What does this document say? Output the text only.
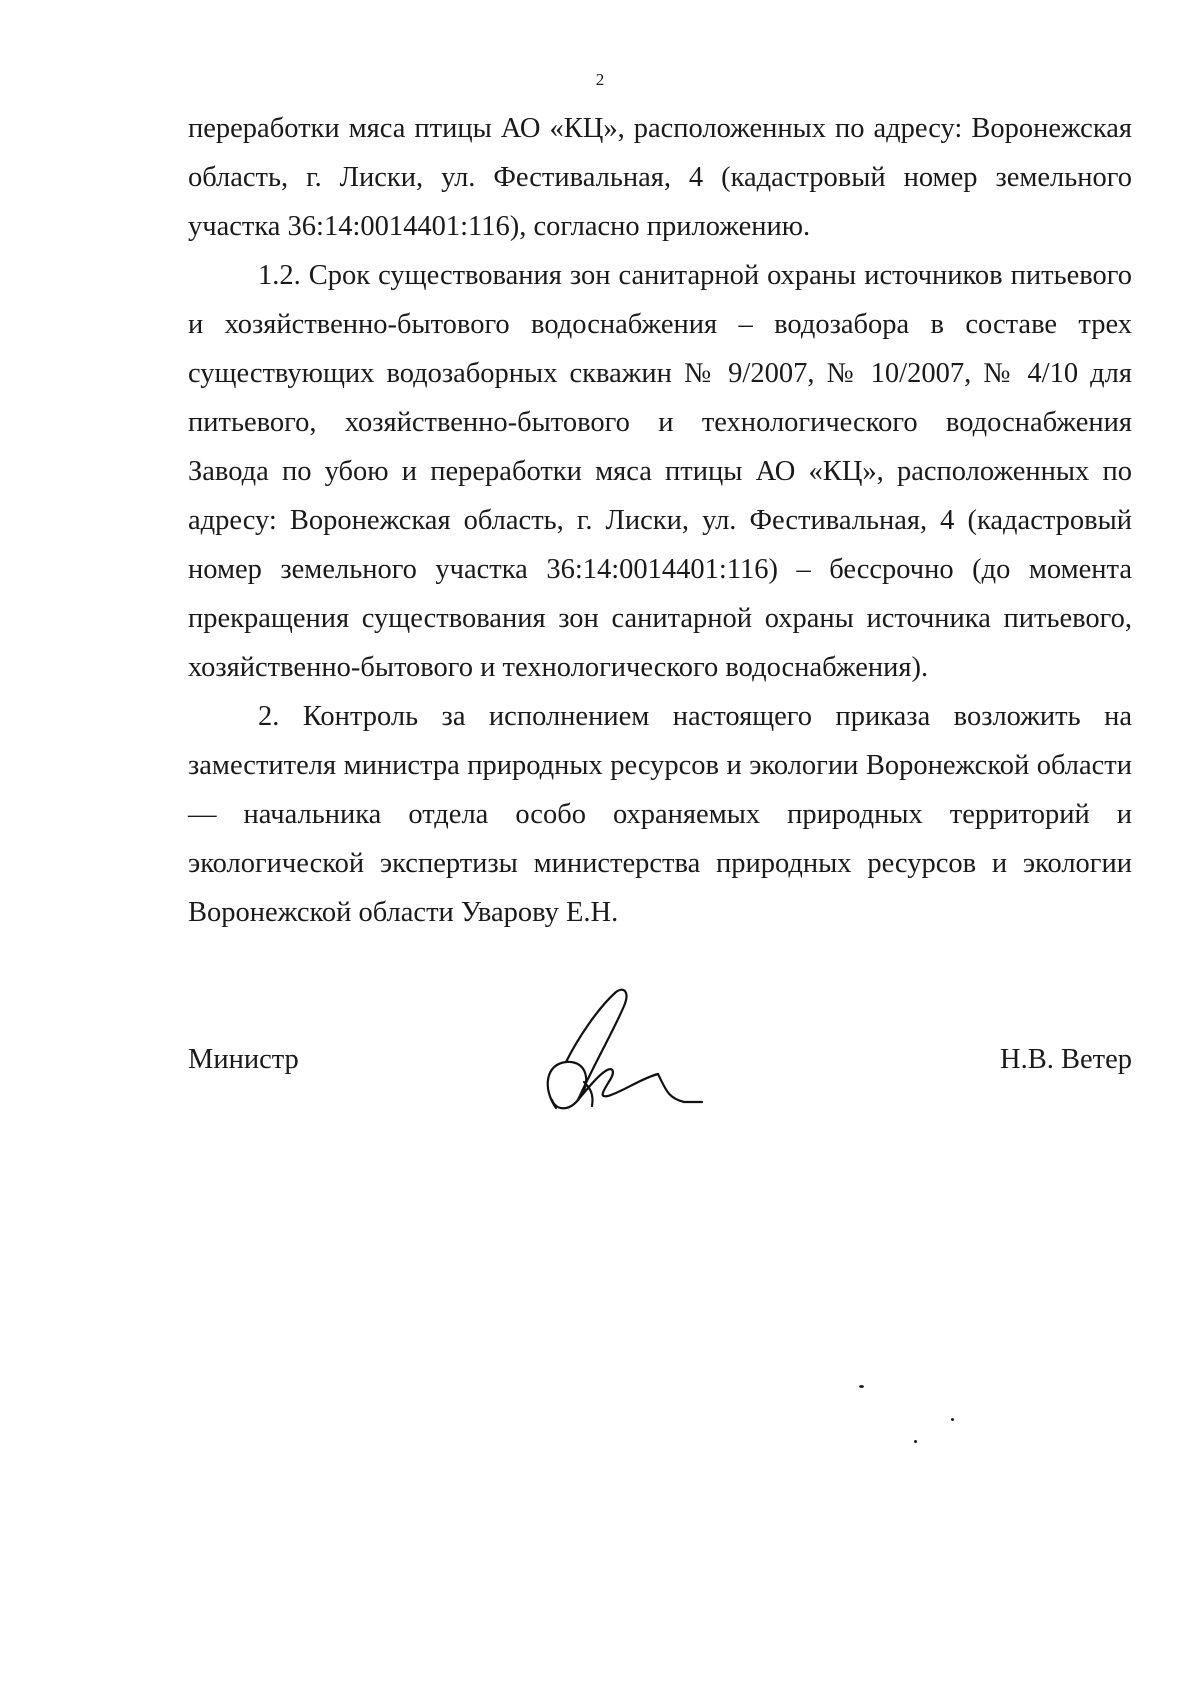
2

переработки мяса птицы АО «КЦ», расположенных по адресу: Воронежская область, г. Лиски, ул. Фестивальная, 4 (кадастровый номер земельного участка 36:14:0014401:116), согласно приложению.

1.2. Срок существования зон санитарной охраны источников питьевого и хозяйственно-бытового водоснабжения – водозабора в составе трех существующих водозаборных скважин № 9/2007, № 10/2007, № 4/10 для питьевого, хозяйственно-бытового и технологического водоснабжения Завода по убою и переработки мяса птицы АО «КЦ», расположенных по адресу: Воронежская область, г. Лиски, ул. Фестивальная, 4 (кадастровый номер земельного участка 36:14:0014401:116) – бессрочно (до момента прекращения существования зон санитарной охраны источника питьевого, хозяйственно-бытового и технологического водоснабжения).

2. Контроль за исполнением настоящего приказа возложить на заместителя министра природных ресурсов и экологии Воронежской области — начальника отдела особо охраняемых природных территорий и экологической экспертизы министерства природных ресурсов и экологии Воронежской области Уварову Е.Н.

Министр	Н.В. Ветер
